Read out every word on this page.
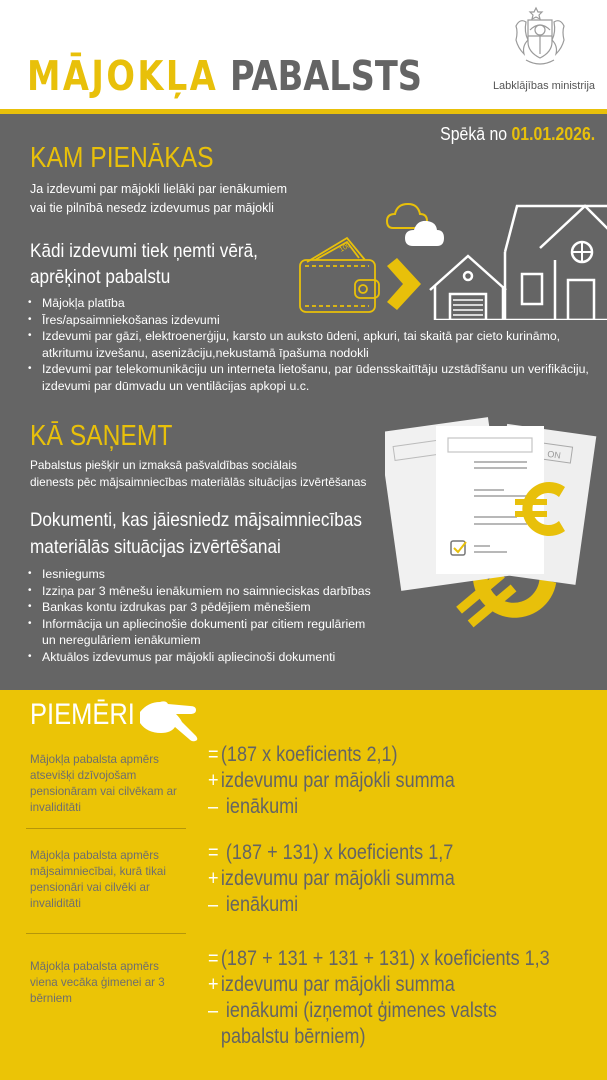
MĀJOKĻA PABALSTS	Labklājības ministrija
Spēkā no 01.01.2026.
KAM PIENĀKAS
Ja izdevumi par mājokli lielāki par ienākumiem
vai tie pilnībā nesedz izdevumus par mājokli
Kādi izdevumi tiek ņemti vērā,
aprēķinot pabalstu
• Mājokļa platība
• Īres/apsaimniekošanas izdevumi
• Izdevumi par gāzi, elektroenerģiju, karsto un auksto ūdeni, apkuri, tai skaitā par cieto kurināmo, atkritumu izvešanu, asenizāciju,nekustamā īpašuma nodokli
• Izdevumi par telekomunikāciju un interneta lietošanu, par ūdensskaitītāju uzstādīšanu un verifikāciju, izdevumi par dūmvadu un ventilācijas apkopi u.c.
100
KĀ SAŅEMT
Pabalstus piešķir un izmaksā pašvaldības sociālais
dienests pēc mājsaimniecības materiālās situācijas izvērtēšanas
Dokumenti, kas jāiesniedz mājsaimniecības
materiālās situācijas izvērtēšanai
• Iesniegums
• Izziņa par 3 mēnešu ienākumiem no saimnieciskas darbības
• Bankas kontu izdrukas par 3 pēdējiem mēnešiem
• Informācija un apliecinošie dokumenti par citiem regulāriem un neregulāriem ienākumiem
• Aktuālos izdevumus par mājokli apliecinoši dokumenti
ON
PIEMĒRI
Mājokļa pabalsta apmērs atsevišķi dzīvojošam pensionāram vai cilvēkam ar invaliditāti
= (187 x koeficients 2,1)
+ izdevumu par mājokli summa
– ienākumi
Mājokļa pabalsta apmērs mājsaimniecībai, kurā tikai pensionāri vai cilvēki ar invaliditāti
= (187 + 131) x koeficients 1,7
+ izdevumu par mājokli summa
– ienākumi
Mājokļa pabalsta apmērs viena vecāka ģimenei ar 3 bērniem
= (187 + 131 + 131 + 131) x koeficients 1,3
+ izdevumu par mājokli summa
– ienākumi (izņemot ģimenes valsts
pabalstu bērniem)
